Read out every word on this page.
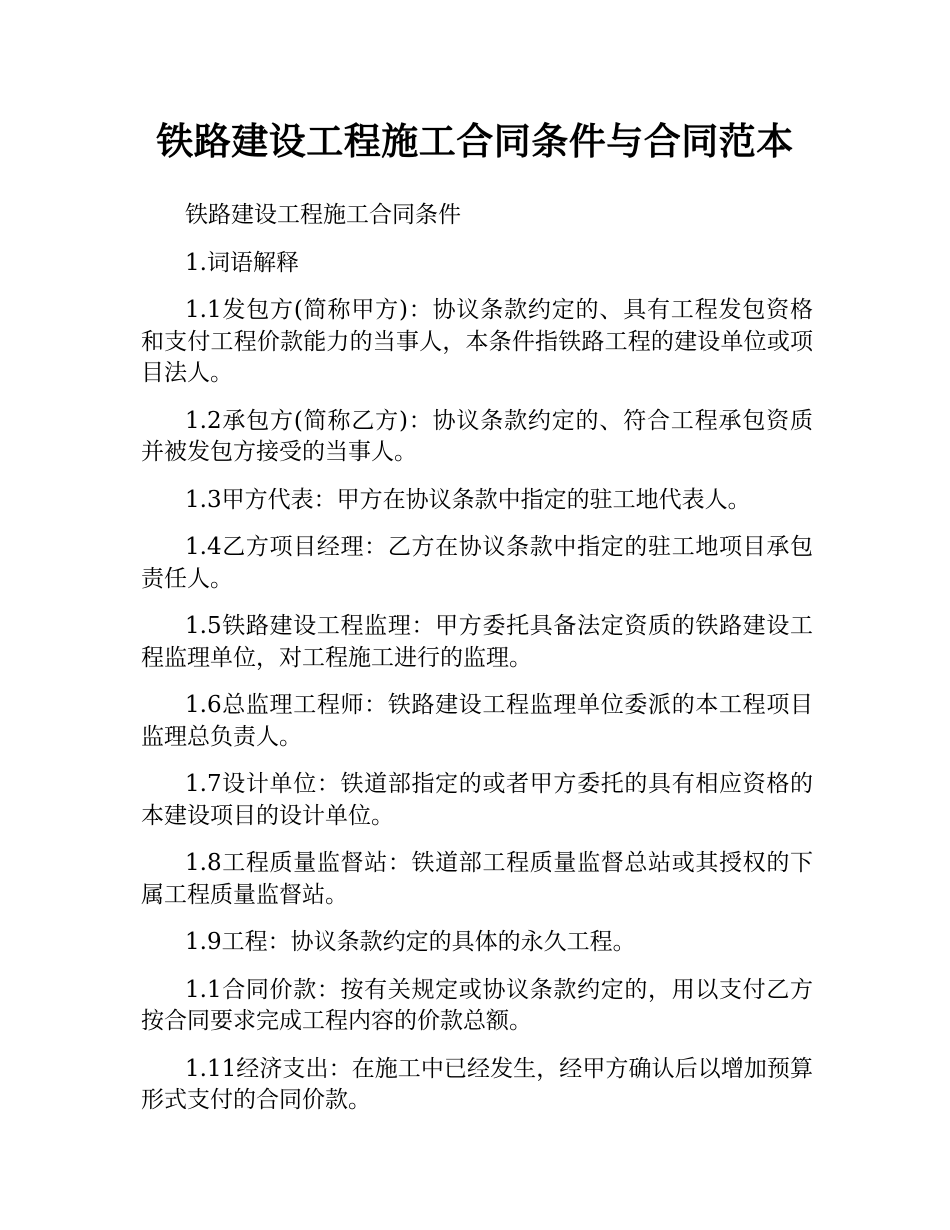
铁路建设工程施工合同条件与合同范本

铁路建设工程施工合同条件

1.词语解释

1.1发包方(简称甲方)：协议条款约定的、具有工程发包资格和支付工程价款能力的当事人，本条件指铁路工程的建设单位或项目法人。

1.2承包方(简称乙方)：协议条款约定的、符合工程承包资质并被发包方接受的当事人。

1.3甲方代表：甲方在协议条款中指定的驻工地代表人。

1.4乙方项目经理：乙方在协议条款中指定的驻工地项目承包责任人。

1.5铁路建设工程监理：甲方委托具备法定资质的铁路建设工程监理单位，对工程施工进行的监理。

1.6总监理工程师：铁路建设工程监理单位委派的本工程项目监理总负责人。

1.7设计单位：铁道部指定的或者甲方委托的具有相应资格的本建设项目的设计单位。

1.8工程质量监督站：铁道部工程质量监督总站或其授权的下属工程质量监督站。

1.9工程：协议条款约定的具体的永久工程。

1.1合同价款：按有关规定或协议条款约定的，用以支付乙方按合同要求完成工程内容的价款总额。

1.11经济支出：在施工中已经发生，经甲方确认后以增加预算形式支付的合同价款。
